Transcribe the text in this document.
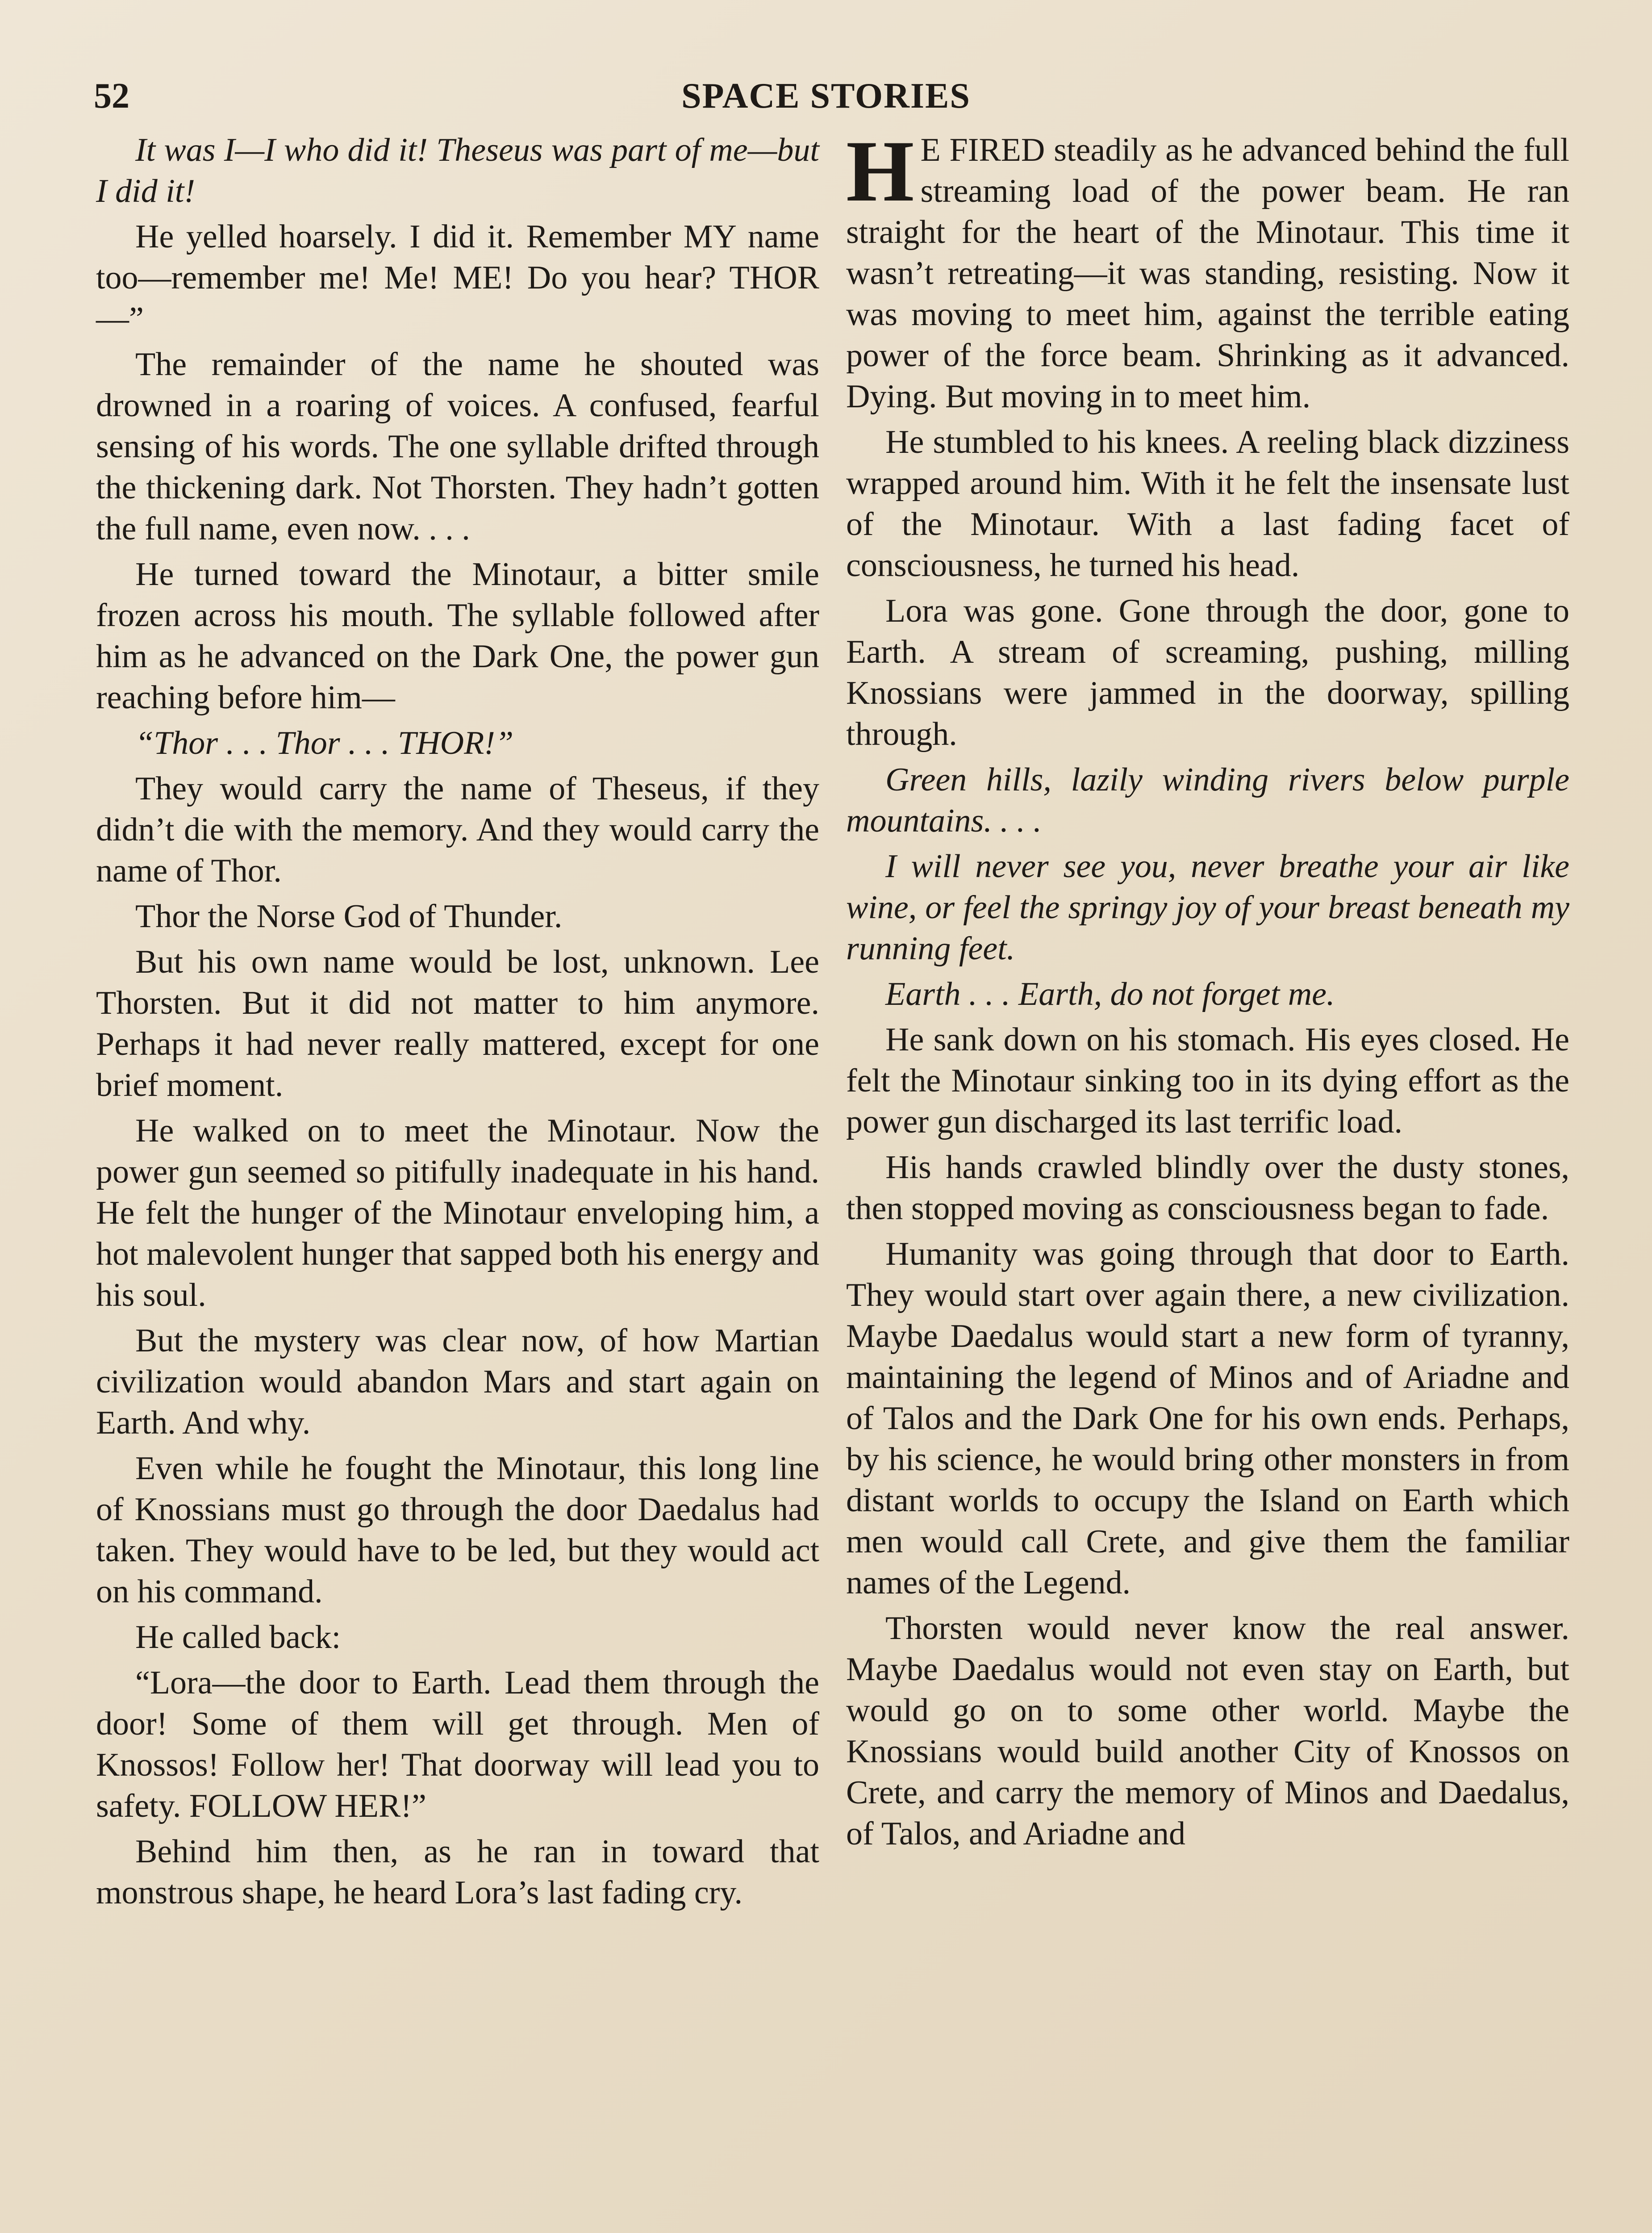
52	SPACE STORIES

It was I—I who did it! Theseus was part of me—but I did it!

He yelled hoarsely. I did it. Remember MY name too—remember me! Me! ME! Do you hear? THOR—”

The remainder of the name he shouted was drowned in a roaring of voices. A confused, fearful sensing of his words. The one syllable drifted through the thickening dark. Not Thorsten. They hadn’t gotten the full name, even now. . . .

He turned toward the Minotaur, a bitter smile frozen across his mouth. The syllable followed after him as he advanced on the Dark One, the power gun reaching before him—

“Thor . . . Thor . . . THOR!”

They would carry the name of Theseus, if they didn’t die with the memory. And they would carry the name of Thor.

Thor the Norse God of Thunder.

But his own name would be lost, unknown. Lee Thorsten. But it did not matter to him anymore. Perhaps it had never really mattered, except for one brief moment.

He walked on to meet the Minotaur. Now the power gun seemed so pitifully inadequate in his hand. He felt the hunger of the Minotaur enveloping him, a hot malevolent hunger that sapped both his energy and his soul.

But the mystery was clear now, of how Martian civilization would abandon Mars and start again on Earth. And why.

Even while he fought the Minotaur, this long line of Knossians must go through the door Daedalus had taken. They would have to be led, but they would act on his command.

He called back:

“Lora—the door to Earth. Lead them through the door! Some of them will get through. Men of Knossos! Follow her! That doorway will lead you to safety. FOLLOW HER!”

Behind him then, as he ran in toward that monstrous shape, he heard Lora’s last fading cry.

H E FIRED steadily as he advanced behind the full streaming load of the power beam. He ran straight for the heart of the Minotaur. This time it wasn’t retreating—it was standing, resisting. Now it was moving to meet him, against the terrible eating power of the force beam. Shrinking as it advanced. Dying. But moving in to meet him.

He stumbled to his knees. A reeling black dizziness wrapped around him. With it he felt the insensate lust of the Minotaur. With a last fading facet of consciousness, he turned his head.

Lora was gone. Gone through the door, gone to Earth. A stream of screaming, pushing, milling Knossians were jammed in the doorway, spilling through.

Green hills, lazily winding rivers below purple mountains. . . .

I will never see you, never breathe your air like wine, or feel the springy joy of your breast beneath my running feet.

Earth . . . Earth, do not forget me.

He sank down on his stomach. His eyes closed. He felt the Minotaur sinking too in its dying effort as the power gun discharged its last terrific load.

His hands crawled blindly over the dusty stones, then stopped moving as consciousness began to fade.

Humanity was going through that door to Earth. They would start over again there, a new civilization. Maybe Daedalus would start a new form of tyranny, maintaining the legend of Minos and of Ariadne and of Talos and the Dark One for his own ends. Perhaps, by his science, he would bring other monsters in from distant worlds to occupy the Island on Earth which men would call Crete, and give them the familiar names of the Legend.

Thorsten would never know the real answer. Maybe Daedalus would not even stay on Earth, but would go on to some other world. Maybe the Knossians would build another City of Knossos on Crete, and carry the memory of Minos and Daedalus, of Talos, and Ariadne and
